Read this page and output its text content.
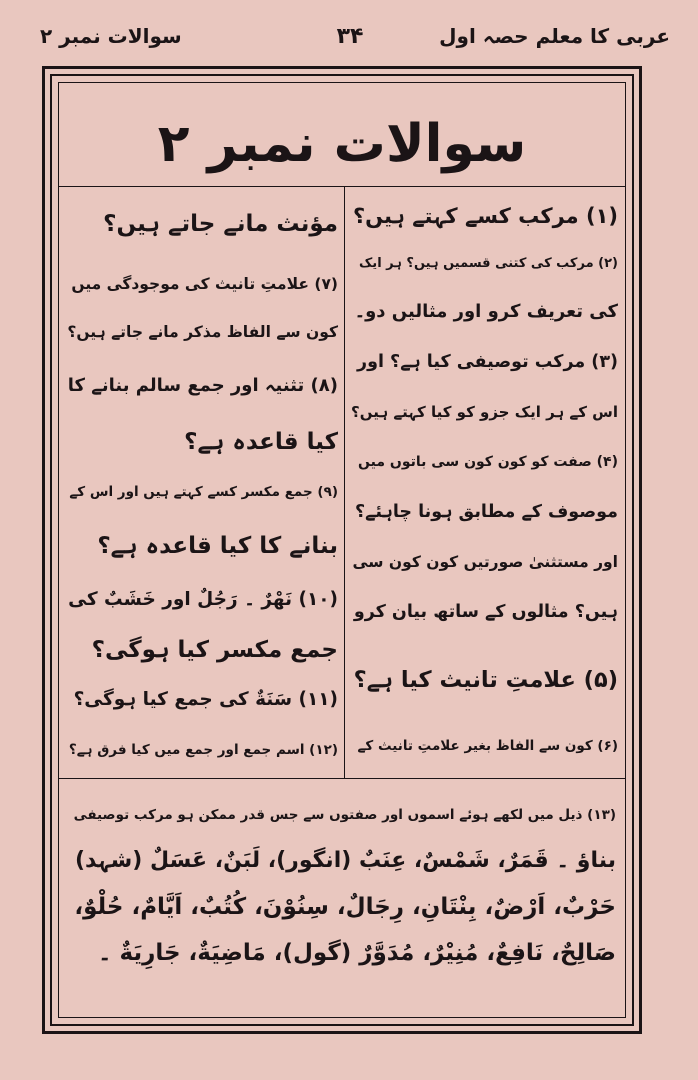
سوالات نمبر ۲	۳۴	عربی کا معلم حصہ اول
سوالات نمبر ۲
(۱) مرکب کسے کہتے ہیں؟
(۲) مرکب کی کتنی قسمیں ہیں؟ ہر ایک
کی تعریف کرو اور مثالیں دو۔
(۳) مرکب توصیفی کیا ہے؟ اور
اس کے ہر ایک جزو کو کیا کہتے ہیں؟
(۴) صفت کو کون کون سی باتوں میں
موصوف کے مطابق ہونا چاہئے؟
اور مستثنیٰ صورتیں کون کون سی
ہیں؟ مثالوں کے ساتھ بیان کرو
(۵) علامتِ تانیث کیا ہے؟
(۶) کون سے الفاظ بغیر علامتِ تانیث کے
مؤنث مانے جاتے ہیں؟
(۷) علامتِ تانیث کی موجودگی میں
کون سے الفاظ مذکر مانے جاتے ہیں؟
(۸) تثنیہ اور جمع سالم بنانے کا
کیا قاعدہ ہے؟
(۹) جمع مکسر کسے کہتے ہیں اور اس کے
بنانے کا کیا قاعدہ ہے؟
(۱۰) نَهْرٌ ۔ رَجُلٌ اور خَشَبٌ کی
جمع مکسر کیا ہوگی؟
(۱۱) سَنَةٌ کی جمع کیا ہوگی؟
(۱۲) اسم جمع اور جمع میں کیا فرق ہے؟
(۱۳) ذیل میں لکھے ہوئے اسموں اور صفتوں سے جس قدر ممکن ہو مرکب توصیفی
بناؤ ۔ قَمَرٌ، شَمْسٌ، عِنَبٌ (انگور)، لَبَنٌ، عَسَلٌ (شہد)
حَرْبٌ، اَرْضٌ، بِنْتَانِ، رِجَالٌ، سِنُوْنَ، کُتُبٌ، اَیَّامٌ، حُلْوٌ،
صَالِحٌ، نَافِعٌ، مُنِیْرٌ، مُدَوَّرٌ (گول)، مَاضِیَةٌ، جَارِیَةٌ ۔
